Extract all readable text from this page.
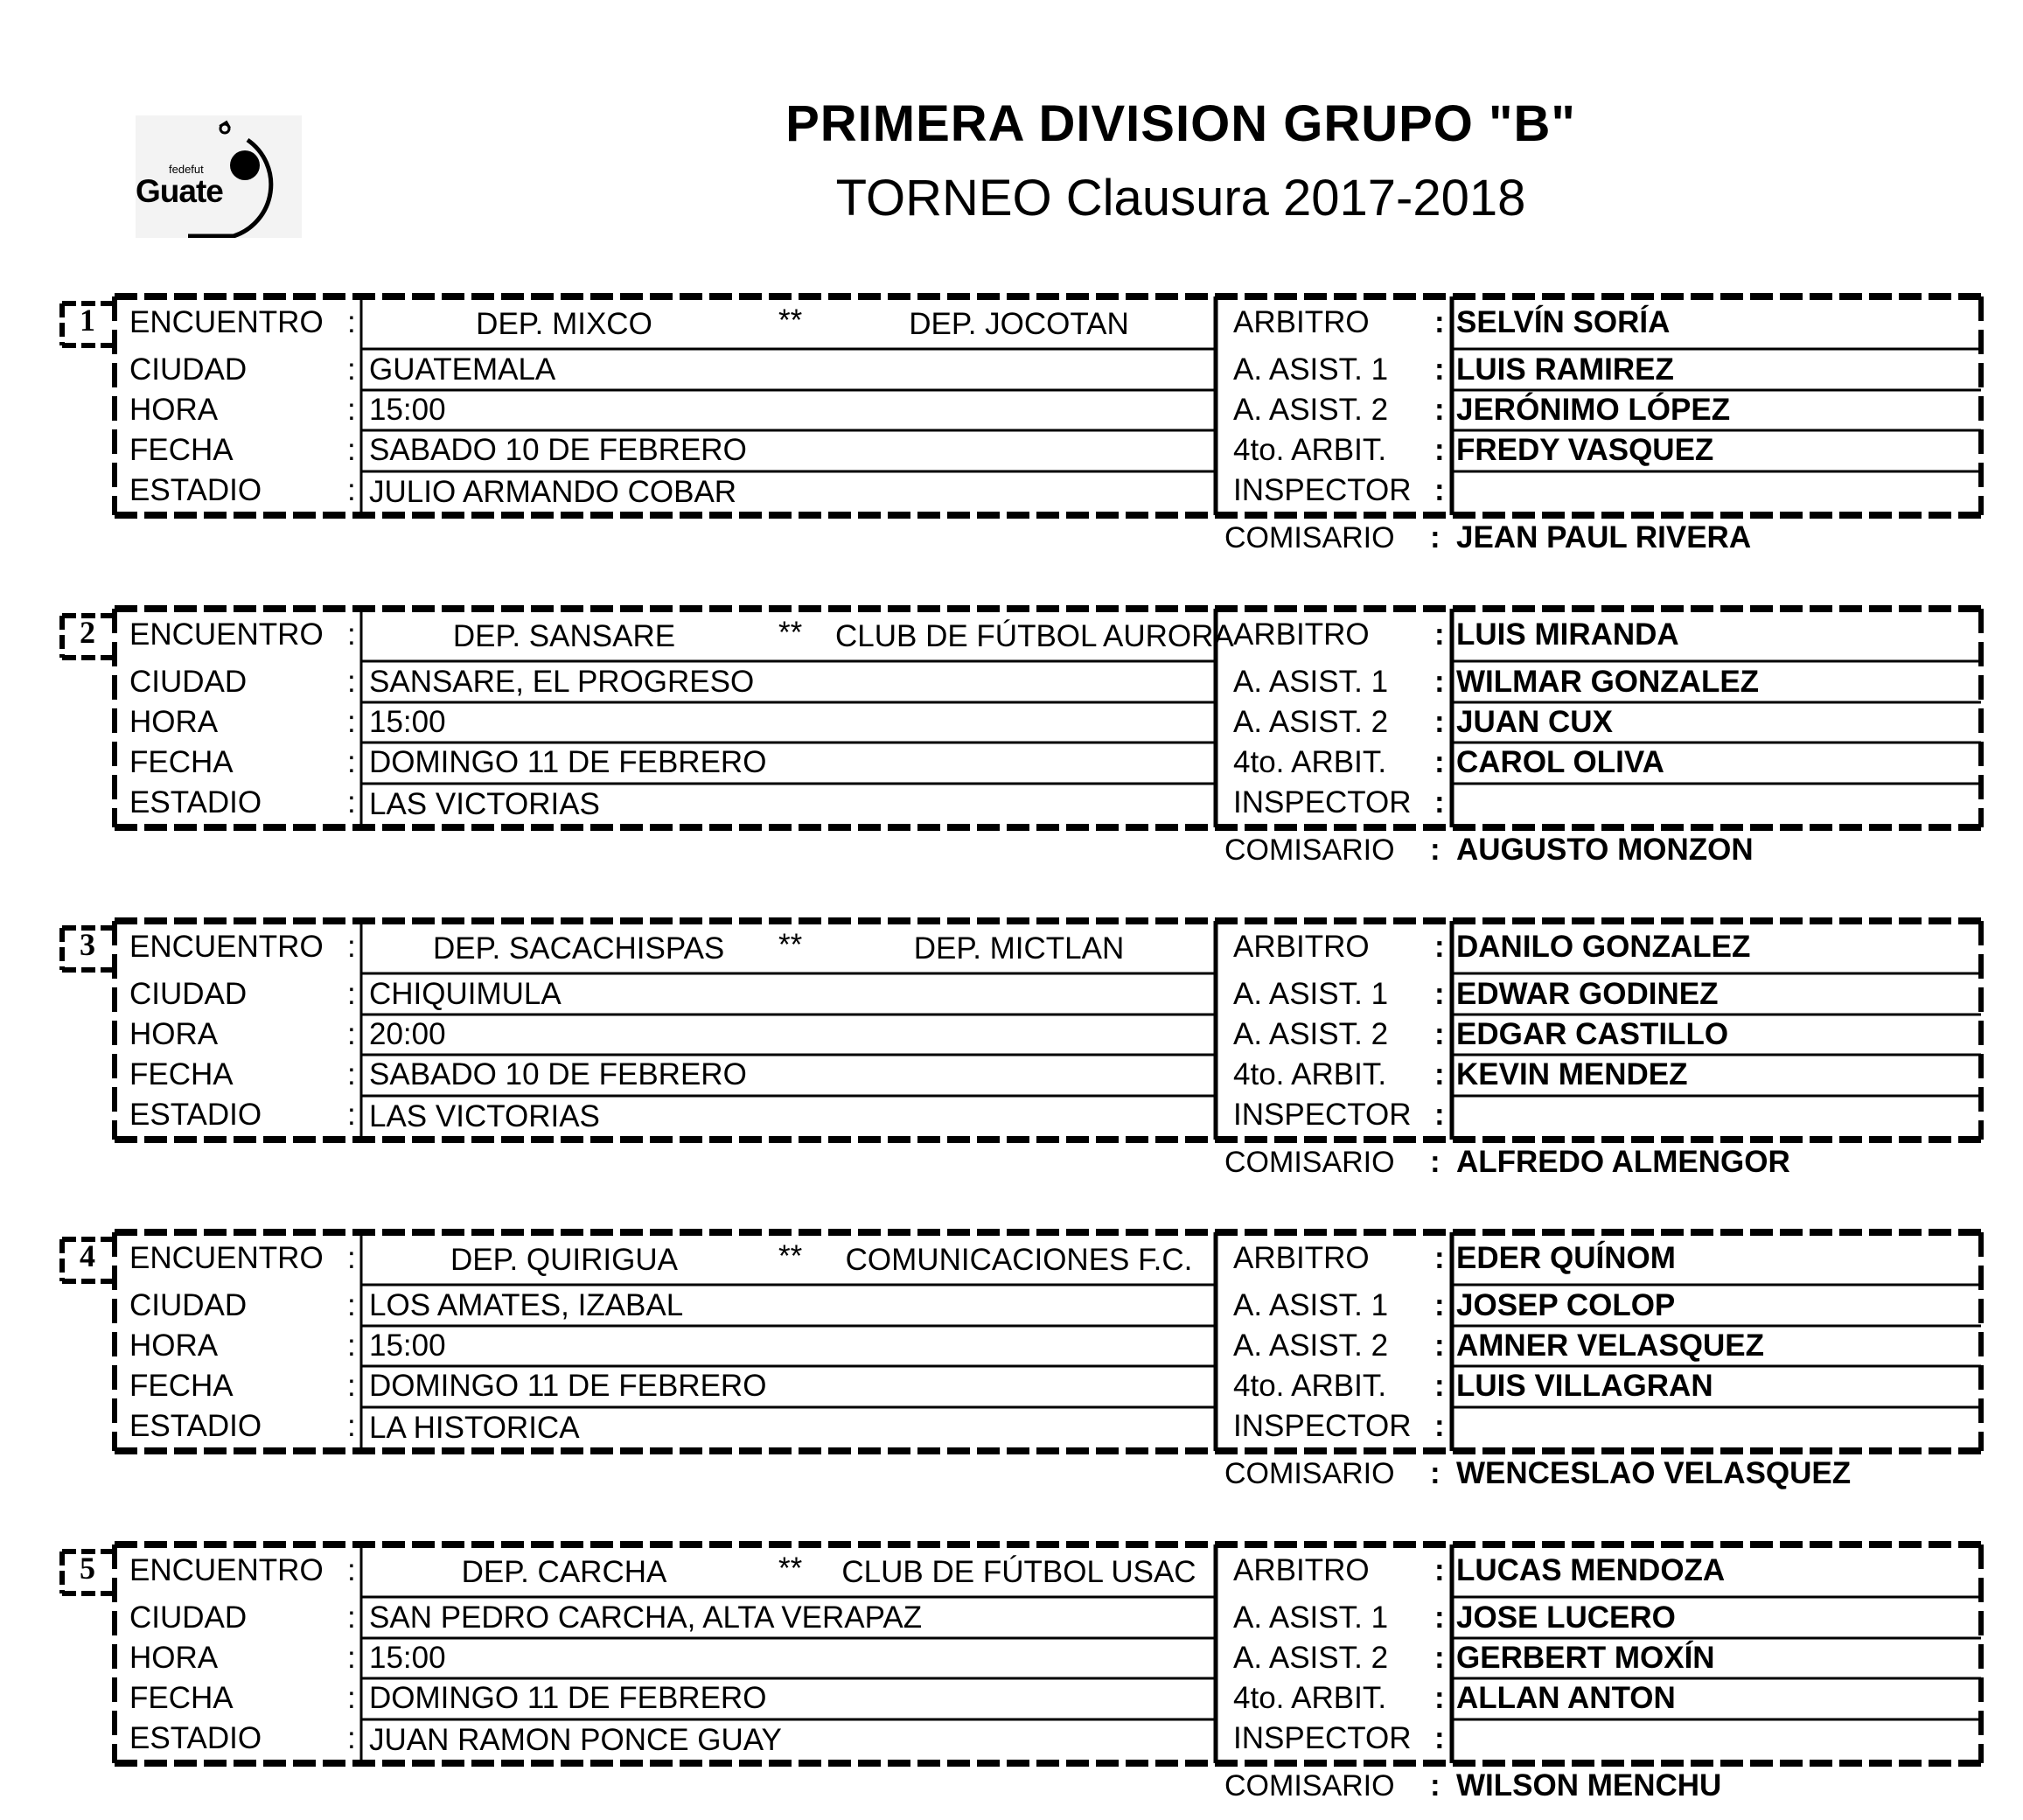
fedefut
Guate
PRIMERA DIVISION GRUPO "B"
TORNEO Clausura 2017-2018
1 ENCUENTRO :	DEP. MIXCO	**	DEP. JOCOTAN
CIUDAD	: GUATEMALA
HORA	: 15:00
FECHA	: SABADO 10 DE FEBRERO
ESTADIO	: JULIO ARMANDO COBAR
ARBITRO : SELVÍN SORÍA
A. ASIST. 1 : LUIS RAMIREZ
A. ASIST. 2 : JERÓNIMO LÓPEZ
4to. ARBIT. : FREDY VASQUEZ
INSPECTOR :
COMISARIO : JEAN PAUL RIVERA
2 ENCUENTRO :	DEP. SANSARE	** CLUB DE FÚTBOL AURORA
CIUDAD	: SANSARE, EL PROGRESO
HORA	: 15:00
FECHA	: DOMINGO 11 DE FEBRERO
ESTADIO	: LAS VICTORIAS
ARBITRO : LUIS MIRANDA
A. ASIST. 1 : WILMAR GONZALEZ
A. ASIST. 2 : JUAN CUX
4to. ARBIT. : CAROL OLIVA
INSPECTOR :
COMISARIO : AUGUSTO MONZON
3 ENCUENTRO :	DEP. SACACHISPAS **	DEP. MICTLAN
CIUDAD	: CHIQUIMULA
HORA	: 20:00
FECHA	: SABADO 10 DE FEBRERO
ESTADIO	: LAS VICTORIAS
ARBITRO : DANILO GONZALEZ
A. ASIST. 1 : EDWAR GODINEZ
A. ASIST. 2 : EDGAR CASTILLO
4to. ARBIT. : KEVIN MENDEZ
INSPECTOR :
COMISARIO : ALFREDO ALMENGOR
4 ENCUENTRO :	DEP. QUIRIGUA	**	COMUNICACIONES F.C.
CIUDAD	: LOS AMATES, IZABAL
HORA	: 15:00
FECHA	: DOMINGO 11 DE FEBRERO
ESTADIO	: LA HISTORICA
ARBITRO : EDER QUÍNOM
A. ASIST. 1 : JOSEP COLOP
A. ASIST. 2 : AMNER VELASQUEZ
4to. ARBIT. : LUIS VILLAGRAN
INSPECTOR :
COMISARIO : WENCESLAO VELASQUEZ
5 ENCUENTRO :	DEP. CARCHA	** CLUB DE FÚTBOL USAC
CIUDAD	: SAN PEDRO CARCHA, ALTA VERAPAZ
HORA	: 15:00
FECHA	: DOMINGO 11 DE FEBRERO
ESTADIO	: JUAN RAMON PONCE GUAY
ARBITRO : LUCAS MENDOZA
A. ASIST. 1 : JOSE LUCERO
A. ASIST. 2 : GERBERT MOXÍN
4to. ARBIT. : ALLAN ANTON
INSPECTOR :
COMISARIO : WILSON MENCHU
